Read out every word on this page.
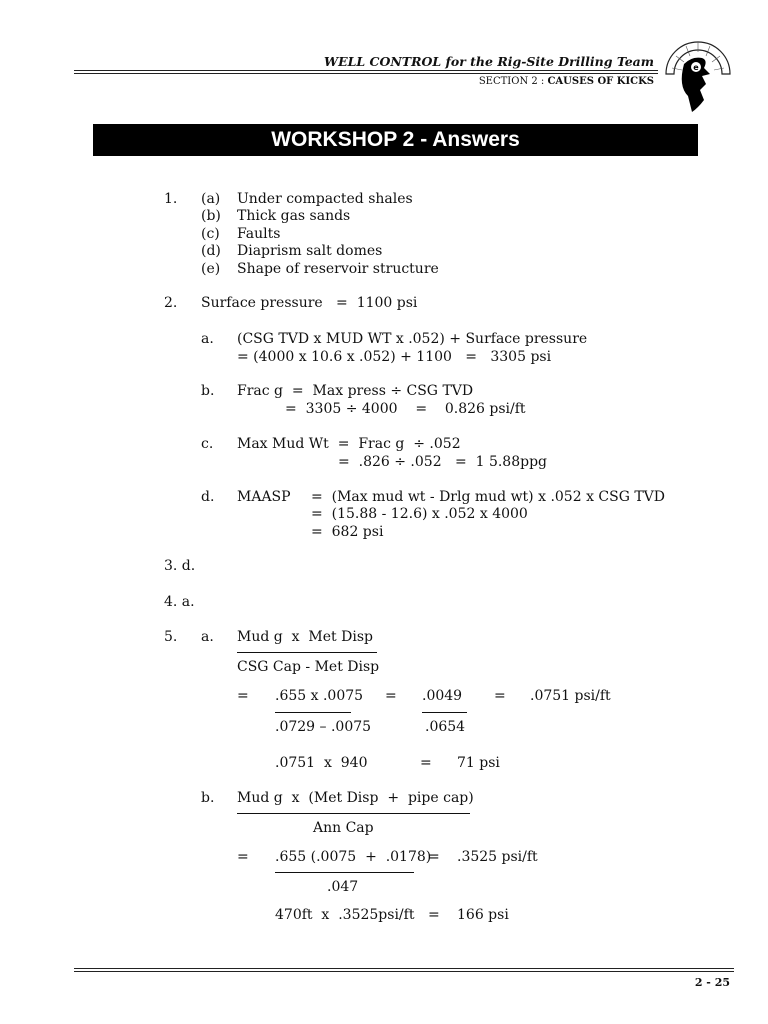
WELL CONTROL for the Rig-Site Drilling Team
SECTION 2 : CAUSES OF KICKS
e
WORKSHOP 2 - Answers
1. (a) Under compacted shales
(b) Thick gas sands
(c) Faults
(d) Diaprism salt domes
(e) Shape of reservoir structure
2. Surface pressure   =  1100 psi
a. (CSG TVD x MUD WT x .052) + Surface pressure
= (4000 x 10.6 x .052) + 1100   =   3305 psi
b. Frac g  =  Max press ÷ CSG TVD
=  3305 ÷ 4000    =    0.826 psi/ft
c. Max Mud Wt  =  Frac g  ÷ .052
=  .826 ÷ .052   =  1 5.88ppg
d. MAASP =  (Max mud wt - Drlg mud wt) x .052 x CSG TVD
=  (15.88 - 12.6) x .052 x 4000
=  682 psi
3. d.
4. a.
5. a. Mud g  x  Met Disp
CSG Cap - Met Disp
= .655 x .0075
.0729 – .0075
= .0049
.0654
= .0751 psi/ft
.0751  x  940	= 71 psi
b. Mud g  x  (Met Disp  +  pipe cap)
Ann Cap
= .655 (.0075  +  .0178)
.047
= .3525 psi/ft
470ft  x  .3525psi/ft = 166 psi
2 - 25
